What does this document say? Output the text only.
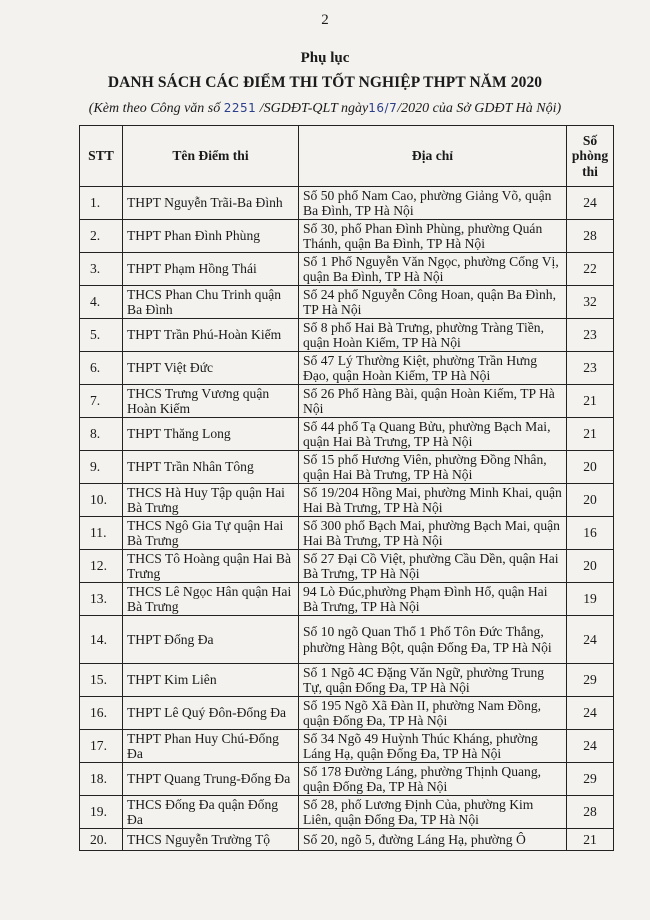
2
Phụ lục
DANH SÁCH CÁC ĐIỂM THI TỐT NGHIỆP THPT NĂM 2020
(Kèm theo Công văn số 2251 /SGDĐT-QLT ngày16/7/2020 của Sở GDĐT Hà Nội)
STT	Tên Điểm thi	Địa chỉ	Số phòng thi
1.	THPT Nguyễn Trãi-Ba Đình	Số 50 phố Nam Cao, phường Giảng Võ, quận Ba Đình, TP Hà Nội	24
2.	THPT Phan Đình Phùng	Số 30, phố Phan Đình Phùng, phường Quán Thánh, quận Ba Đình, TP Hà Nội	28
3.	THPT Phạm Hồng Thái	Số 1 Phố Nguyễn Văn Ngọc, phường Cống Vị, quận Ba Đình, TP Hà Nội	22
4.	THCS Phan Chu Trinh quận Ba Đình	Số 24 phố Nguyễn Công Hoan, quận Ba Đình, TP Hà Nội	32
5.	THPT Trần Phú-Hoàn Kiếm	Số 8 phố Hai Bà Trưng, phường Tràng Tiền, quận Hoàn Kiếm, TP Hà Nội	23
6.	THPT Việt Đức	Số 47 Lý Thường Kiệt, phường Trần Hưng Đạo, quận Hoàn Kiếm, TP Hà Nội	23
7.	THCS Trưng Vương quận Hoàn Kiếm	Số 26 Phố Hàng Bài, quận Hoàn Kiếm, TP Hà Nội	21
8.	THPT Thăng Long	Số 44 phố Tạ Quang Bửu, phường Bạch Mai, quận Hai Bà Trưng, TP Hà Nội	21
9.	THPT Trần Nhân Tông	Số 15 phố Hương Viên, phường Đồng Nhân, quận Hai Bà Trưng, TP Hà Nội	20
10.	THCS Hà Huy Tập quận Hai Bà Trưng	Số 19/204 Hồng Mai, phường Minh Khai, quận Hai Bà Trưng, TP Hà Nội	20
11.	THCS Ngô Gia Tự quận Hai Bà Trưng	Số 300 phố Bạch Mai, phường Bạch Mai, quận Hai Bà Trưng, TP Hà Nội	16
12.	THCS Tô Hoàng quận Hai Bà Trưng	Số 27 Đại Cồ Việt, phường Cầu Dền, quận Hai Bà Trưng, TP Hà Nội	20
13.	THCS Lê Ngọc Hân quận Hai Bà Trưng	94 Lò Đúc,phường Phạm Đình Hổ, quận Hai Bà Trưng, TP Hà Nội	19
14.	THPT Đống Đa	Số 10 ngõ Quan Thổ 1 Phố Tôn Đức Thắng, phường Hàng Bột, quận Đống Đa, TP Hà Nội	24
15.	THPT Kim Liên	Số 1 Ngõ 4C Đặng Văn Ngữ, phường Trung Tự, quận Đống Đa, TP Hà Nội	29
16.	THPT Lê Quý Đôn-Đống Đa	Số 195 Ngõ Xã Đàn II, phường Nam Đồng, quận Đống Đa, TP Hà Nội	24
17.	THPT Phan Huy Chú-Đống Đa	Số 34 Ngõ 49 Huỳnh Thúc Kháng, phường Láng Hạ, quận Đống Đa, TP Hà Nội	24
18.	THPT Quang Trung-Đống Đa	Số 178 Đường Láng, phường Thịnh Quang, quận Đống Đa, TP Hà Nội	29
19.	THCS Đống Đa quận Đống Đa	Số 28, phố Lương Định Của, phường Kim Liên, quận Đống Đa, TP Hà Nội	28
20.	THCS Nguyễn Trường Tộ	Số 20, ngõ 5, đường Láng Hạ, phường Ô	21
